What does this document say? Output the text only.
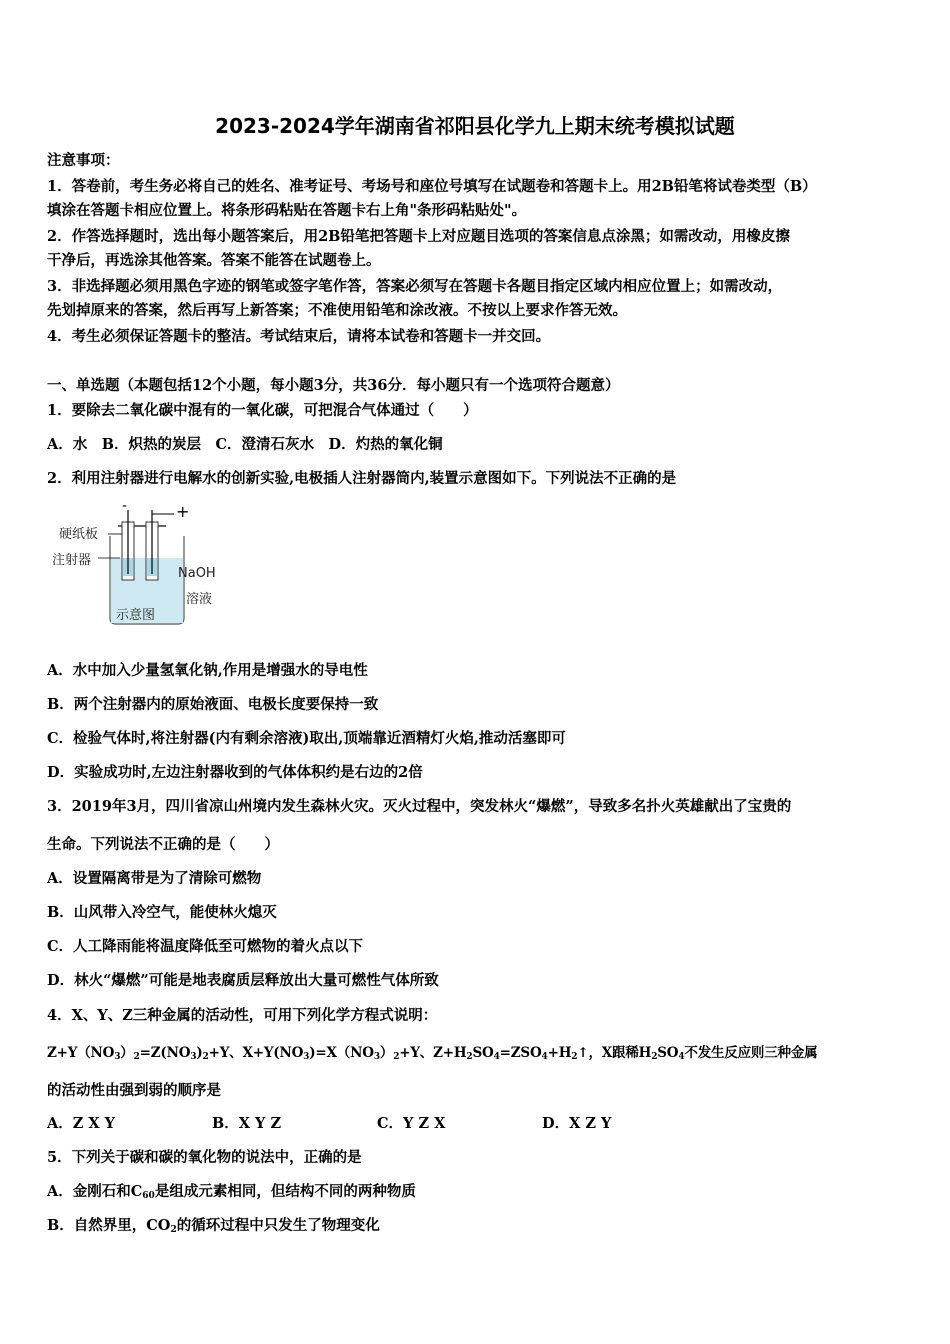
2023-2024学年湖南省祁阳县化学九上期末统考模拟试题
注意事项：
1．答卷前，考生务必将自己的姓名、准考证号、考场号和座位号填写在试题卷和答题卡上。用2B铅笔将试卷类型（B）
填涂在答题卡相应位置上。将条形码粘贴在答题卡右上角"条形码粘贴处"。
2．作答选择题时，选出每小题答案后，用2B铅笔把答题卡上对应题目选项的答案信息点涂黑；如需改动，用橡皮擦
干净后，再选涂其他答案。答案不能答在试题卷上。
3．非选择题必须用黑色字迹的钢笔或签字笔作答，答案必须写在答题卡各题目指定区域内相应位置上；如需改动，
先划掉原来的答案，然后再写上新答案；不准使用铅笔和涂改液。不按以上要求作答无效。
4．考生必须保证答题卡的整洁。考试结束后，请将本试卷和答题卡一并交回。
一、单选题（本题包括12个小题，每小题3分，共36分．每小题只有一个选项符合题意）
1．要除去二氧化碳中混有的一氧化碳，可把混合气体通过（　　）
A．水　B．炽热的炭层　C．澄清石灰水　D．灼热的氧化铜
2．利用注射器进行电解水的创新实验,电极插人注射器筒内,装置示意图如下。下列说法不正确的是
硬纸板
注射器
NaOH
溶液
示意图
-	+
A．水中加入少量氢氧化钠,作用是增强水的导电性
B．两个注射器内的原始液面、电极长度要保持一致
C．检验气体时,将注射器(内有剩余溶液)取出,顶端靠近酒精灯火焰,推动活塞即可
D．实验成功时,左边注射器收到的气体体积约是右边的2倍
3．2019年3月，四川省凉山州境内发生森林火灾。灭火过程中，突发林火“爆燃”，导致多名扑火英雄献出了宝贵的
生命。下列说法不正确的是（　　）
A．设置隔离带是为了清除可燃物
B．山风带入冷空气，能使林火熄灭
C．人工降雨能将温度降低至可燃物的着火点以下
D．林火“爆燃”可能是地表腐质层释放出大量可燃性气体所致
4．X、Y、Z三种金属的活动性，可用下列化学方程式说明：
$Z+Y(NO_3)_2=Z(NO_3)_2+Y$、$X+Y(NO_3)=X(NO_3)_2+Y$、$Z+H_2SO_4=ZSO_4+H_2↑$，X跟稀$H_2SO_4$不发生反应则三种金属
的活动性由强到弱的顺序是
A．Z X Y	B．X Y Z	C．Y Z X	D．X Z Y
5．下列关于碳和碳的氧化物的说法中，正确的是
A．金刚石和$C_{60}$是组成元素相同，但结构不同的两种物质
B．自然界里，$CO_2$的循环过程中只发生了物理变化
